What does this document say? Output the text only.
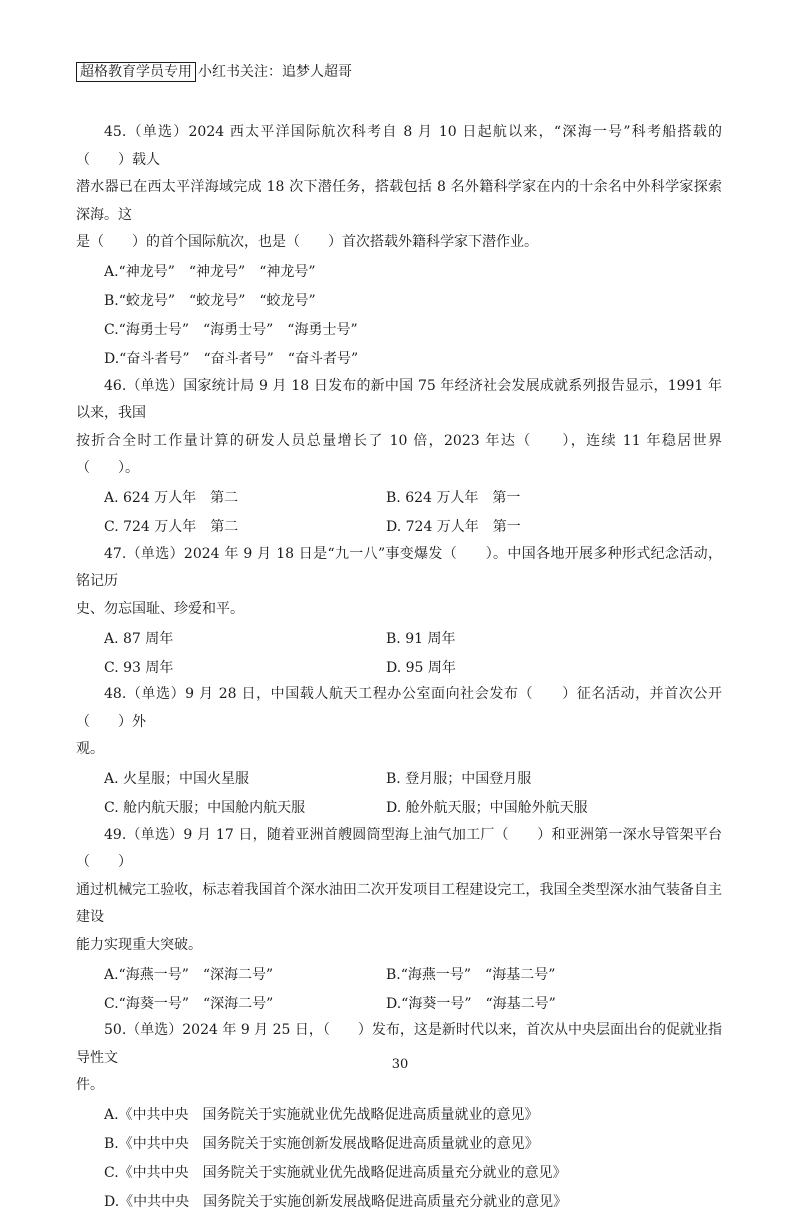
超格教育学员专用 小红书关注：追梦人超哥
45.（单选）2024 西太平洋国际航次科考自 8 月 10 日起航以来，“深海一号”科考船搭载的（　　）载人
潜水器已在西太平洋海域完成 18 次下潜任务，搭载包括 8 名外籍科学家在内的十余名中外科学家探索深海。这
是（　　）的首个国际航次，也是（　　）首次搭载外籍科学家下潜作业。
A.“神龙号”　“神龙号”　“神龙号”
B.“蛟龙号”　“蛟龙号”　“蛟龙号”
C.“海勇士号”　“海勇士号”　“海勇士号”
D.“奋斗者号”　“奋斗者号”　“奋斗者号”
46.（单选）国家统计局 9 月 18 日发布的新中国 75 年经济社会发展成就系列报告显示，1991 年以来，我国
按折合全时工作量计算的研发人员总量增长了 10 倍，2023 年达（　　），连续 11 年稳居世界（　　）。
A. 624 万人年　第二	B. 624 万人年　第一
C. 724 万人年　第二	D. 724 万人年　第一
47.（单选）2024 年 9 月 18 日是“九一八”事变爆发（　　）。中国各地开展多种形式纪念活动，铭记历
史、勿忘国耻、珍爱和平。
A. 87 周年	B. 91 周年
C. 93 周年	D. 95 周年
48.（单选）9 月 28 日，中国载人航天工程办公室面向社会发布（　　）征名活动，并首次公开（　　）外
观。
A. 火星服；中国火星服	B. 登月服；中国登月服
C. 舱内航天服；中国舱内航天服	D. 舱外航天服；中国舱外航天服
49.（单选）9 月 17 日，随着亚洲首艘圆筒型海上油气加工厂（　　）和亚洲第一深水导管架平台（　　）
通过机械完工验收，标志着我国首个深水油田二次开发项目工程建设完工，我国全类型深水油气装备自主建设
能力实现重大突破。
A.“海燕一号”　“深海二号”	B.“海燕一号”　“海基二号”
C.“海葵一号”　“深海二号”	D.“海葵一号”　“海基二号”
50.（单选）2024 年 9 月 25 日，（　　）发布，这是新时代以来，首次从中央层面出台的促就业指导性文
件。
A.《中共中央　国务院关于实施就业优先战略促进高质量就业的意见》
B.《中共中央　国务院关于实施创新发展战略促进高质量就业的意见》
C.《中共中央　国务院关于实施就业优先战略促进高质量充分就业的意见》
D.《中共中央　国务院关于实施创新发展战略促进高质量充分就业的意见》
30
